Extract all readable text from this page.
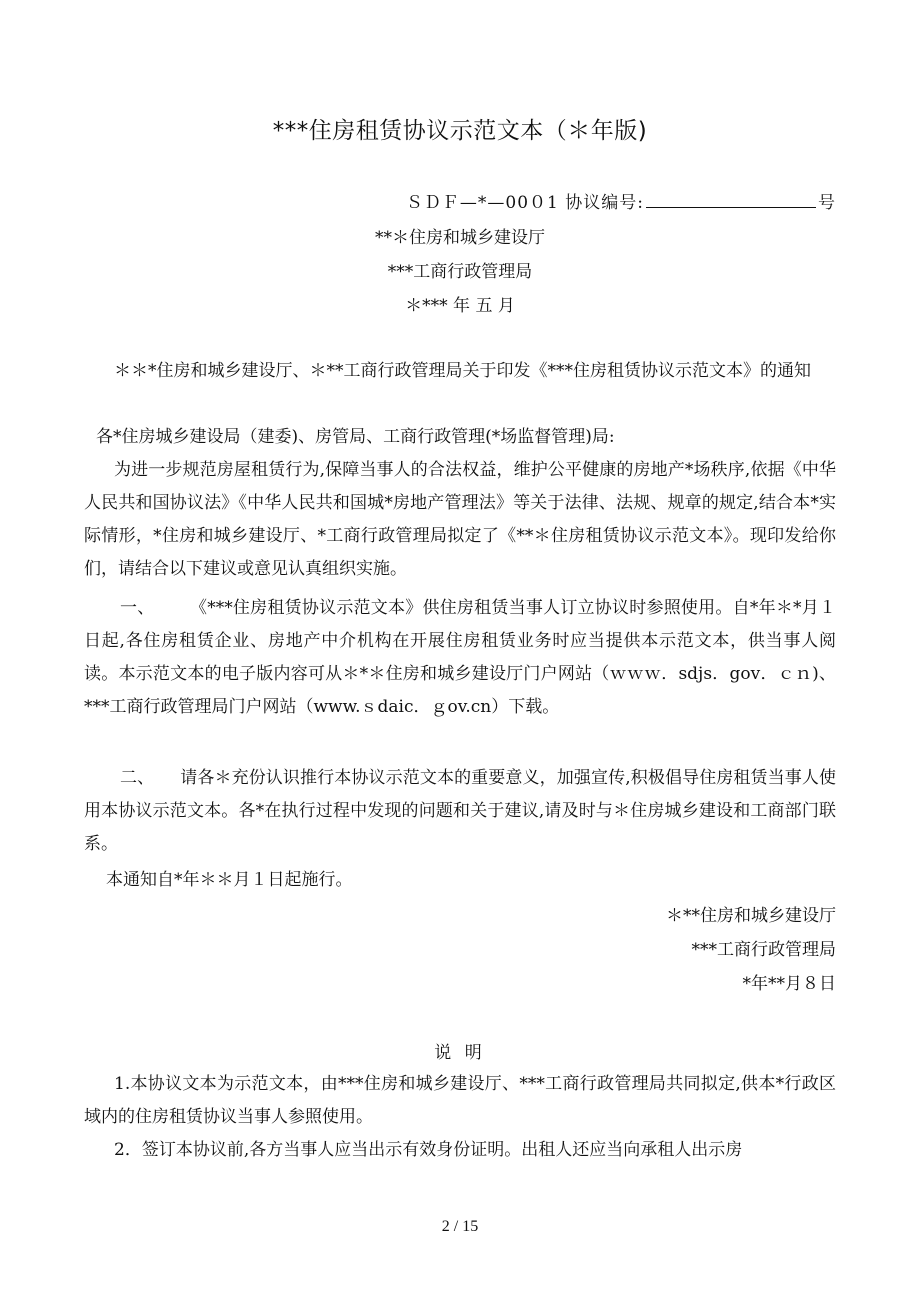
***住房租赁协议示范文本（＊年版)
ＳＤＦ—*—00０1 协议编号:	号
**＊住房和城乡建设厅
***工商行政管理局
＊*** 年 五 月
＊＊*住房和城乡建设厅、＊**工商行政管理局关于印发《***住房租赁协议示范文本》的通知
各*住房城乡建设局（建委)、房管局、工商行政管理(*场监督管理)局:
为进一步规范房屋租赁行为,保障当事人的合法权益，维护公平健康的房地产*场秩序,依据《中华人民共和国协议法》《中华人民共和国城*房地产管理法》等关于法律、法规、规章的规定,结合本*实际情形，*住房和城乡建设厅、*工商行政管理局拟定了《**＊住房租赁协议示范文本》。现印发给你们，请结合以下建议或意见认真组织实施。
一、	《***住房租赁协议示范文本》供住房租赁当事人订立协议时参照使用。自*年＊*月１日起,各住房租赁企业、房地产中介机构在开展住房租赁业务时应当提供本示范文本，供当事人阅读。本示范文本的电子版内容可从＊*＊住房和城乡建设厅门户网站（ｗｗｗ．sdjs．gov．ｃｎ)、***工商行政管理局门户网站（www.ｓdaic．ｇov.cn）下载。
二、 请各＊充份认识推行本协议示范文本的重要意义，加强宣传,积极倡导住房租赁当事人使用本协议示范文本。各*在执行过程中发现的问题和关于建议,请及时与＊住房城乡建设和工商部门联系。
本通知自*年＊＊月１日起施行。
＊**住房和城乡建设厅
***工商行政管理局
*年**月８日
说 明
1.本协议文本为示范文本，由***住房和城乡建设厅、***工商行政管理局共同拟定,供本*行政区域内的住房租赁协议当事人参照使用。
2．签订本协议前,各方当事人应当出示有效身份证明。出租人还应当向承租人出示房
2 / 15
